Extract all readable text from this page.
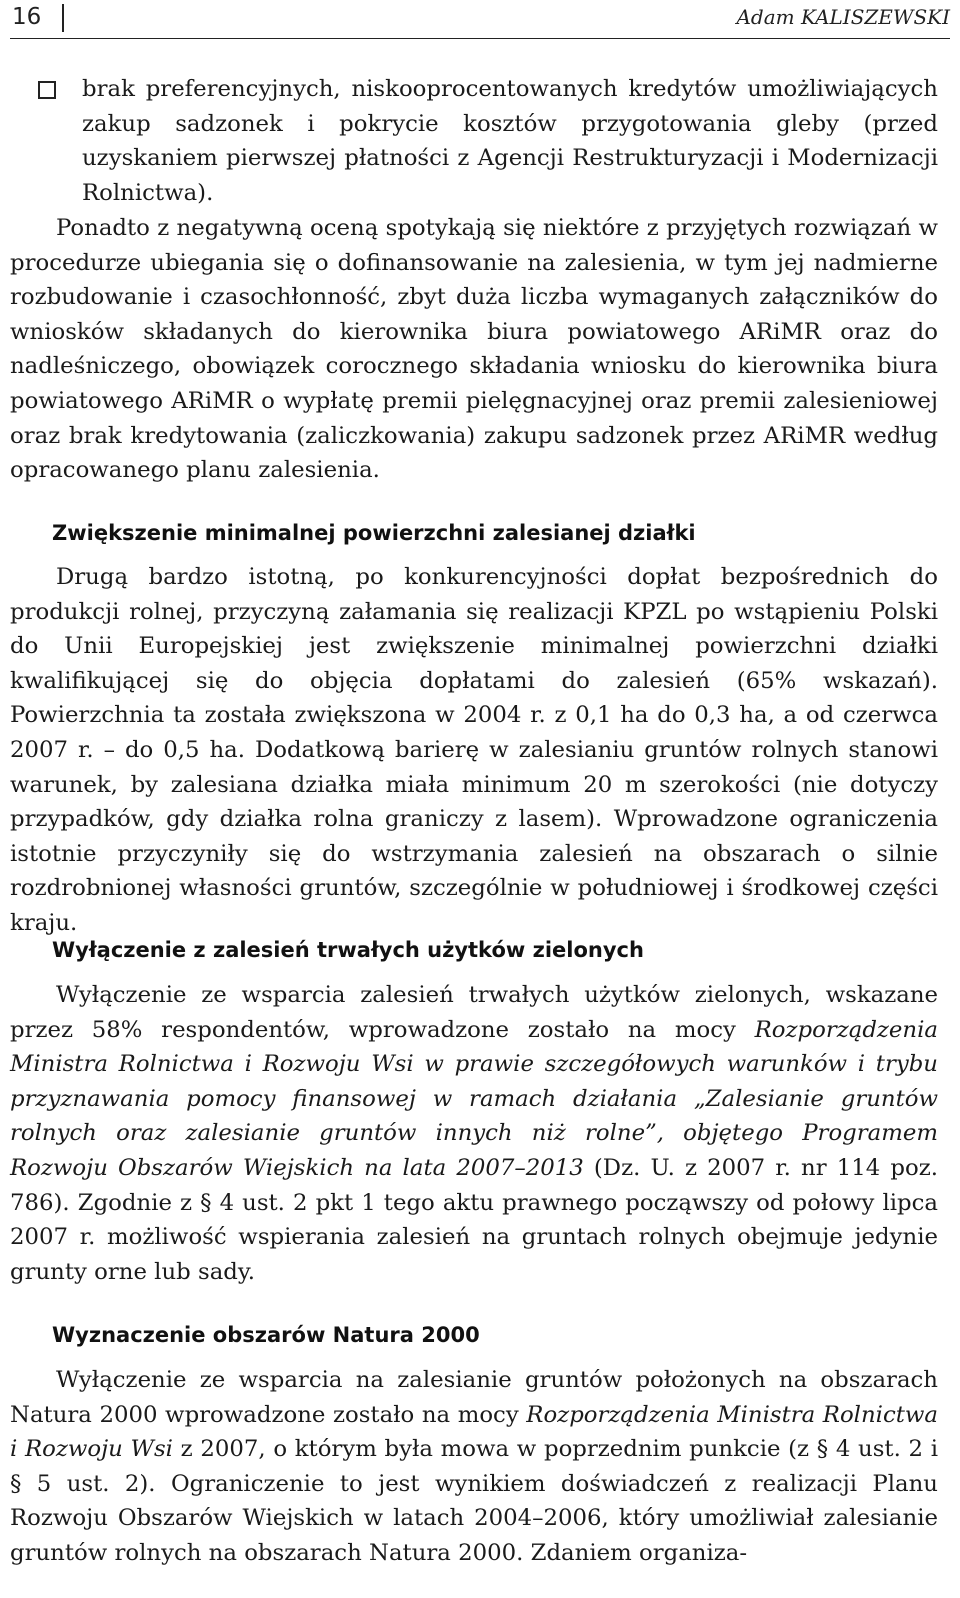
16	Adam KALISZEWSKI

brak preferencyjnych, niskooprocentowanych kredytów umożliwiających zakup sadzonek i pokrycie kosztów przygotowania gleby (przed uzyskaniem pierwszej płatności z Agencji Restrukturyzacji i Modernizacji Rolnictwa).

Ponadto z negatywną oceną spotykają się niektóre z przyjętych rozwiązań w procedurze ubiegania się o dofinansowanie na zalesienia, w tym jej nadmierne rozbudowanie i czasochłonność, zbyt duża liczba wymaganych załączników do wniosków składanych do kierownika biura powiatowego ARiMR oraz do nadleśniczego, obowiązek corocznego składania wniosku do kierownika biura powiatowego ARiMR o wypłatę premii pielęgnacyjnej oraz premii zalesieniowej oraz brak kredytowania (zaliczkowania) zakupu sadzonek przez ARiMR według opracowanego planu zalesienia.

Zwiększenie minimalnej powierzchni zalesianej działki

Drugą bardzo istotną, po konkurencyjności dopłat bezpośrednich do produkcji rolnej, przyczyną załamania się realizacji KPZL po wstąpieniu Polski do Unii Europejskiej jest zwiększenie minimalnej powierzchni działki kwalifikującej się do objęcia dopłatami do zalesień (65% wskazań). Powierzchnia ta została zwiększona w 2004 r. z 0,1 ha do 0,3 ha, a od czerwca 2007 r. – do 0,5 ha. Dodatkową barierę w zalesianiu gruntów rolnych stanowi warunek, by zalesiana działka miała minimum 20 m szerokości (nie dotyczy przypadków, gdy działka rolna graniczy z lasem). Wprowadzone ograniczenia istotnie przyczyniły się do wstrzymania zalesień na obszarach o silnie rozdrobnionej własności gruntów, szczególnie w południowej i środkowej części kraju.

Wyłączenie z zalesień trwałych użytków zielonych

Wyłączenie ze wsparcia zalesień trwałych użytków zielonych, wskazane przez 58% respondentów, wprowadzone zostało na mocy Rozporządzenia Ministra Rolnictwa i Rozwoju Wsi w prawie szczegółowych warunków i trybu przyznawania pomocy finansowej w ramach działania „Zalesianie gruntów rolnych oraz zalesianie gruntów innych niż rolne”, objętego Programem Rozwoju Obszarów Wiejskich na lata 2007–2013 (Dz. U. z 2007 r. nr 114 poz. 786). Zgodnie z § 4 ust. 2 pkt 1 tego aktu prawnego począwszy od połowy lipca 2007 r. możliwość wspierania zalesień na gruntach rolnych obejmuje jedynie grunty orne lub sady.

Wyznaczenie obszarów Natura 2000

Wyłączenie ze wsparcia na zalesianie gruntów położonych na obszarach Natura 2000 wprowadzone zostało na mocy Rozporządzenia Ministra Rolnictwa i Rozwoju Wsi z 2007, o którym była mowa w poprzednim punkcie (z § 4 ust. 2 i § 5 ust. 2). Ograniczenie to jest wynikiem doświadczeń z realizacji Planu Rozwoju Obszarów Wiejskich w latach 2004–2006, który umożliwiał zalesianie gruntów rolnych na obszarach Natura 2000. Zdaniem organiza-
